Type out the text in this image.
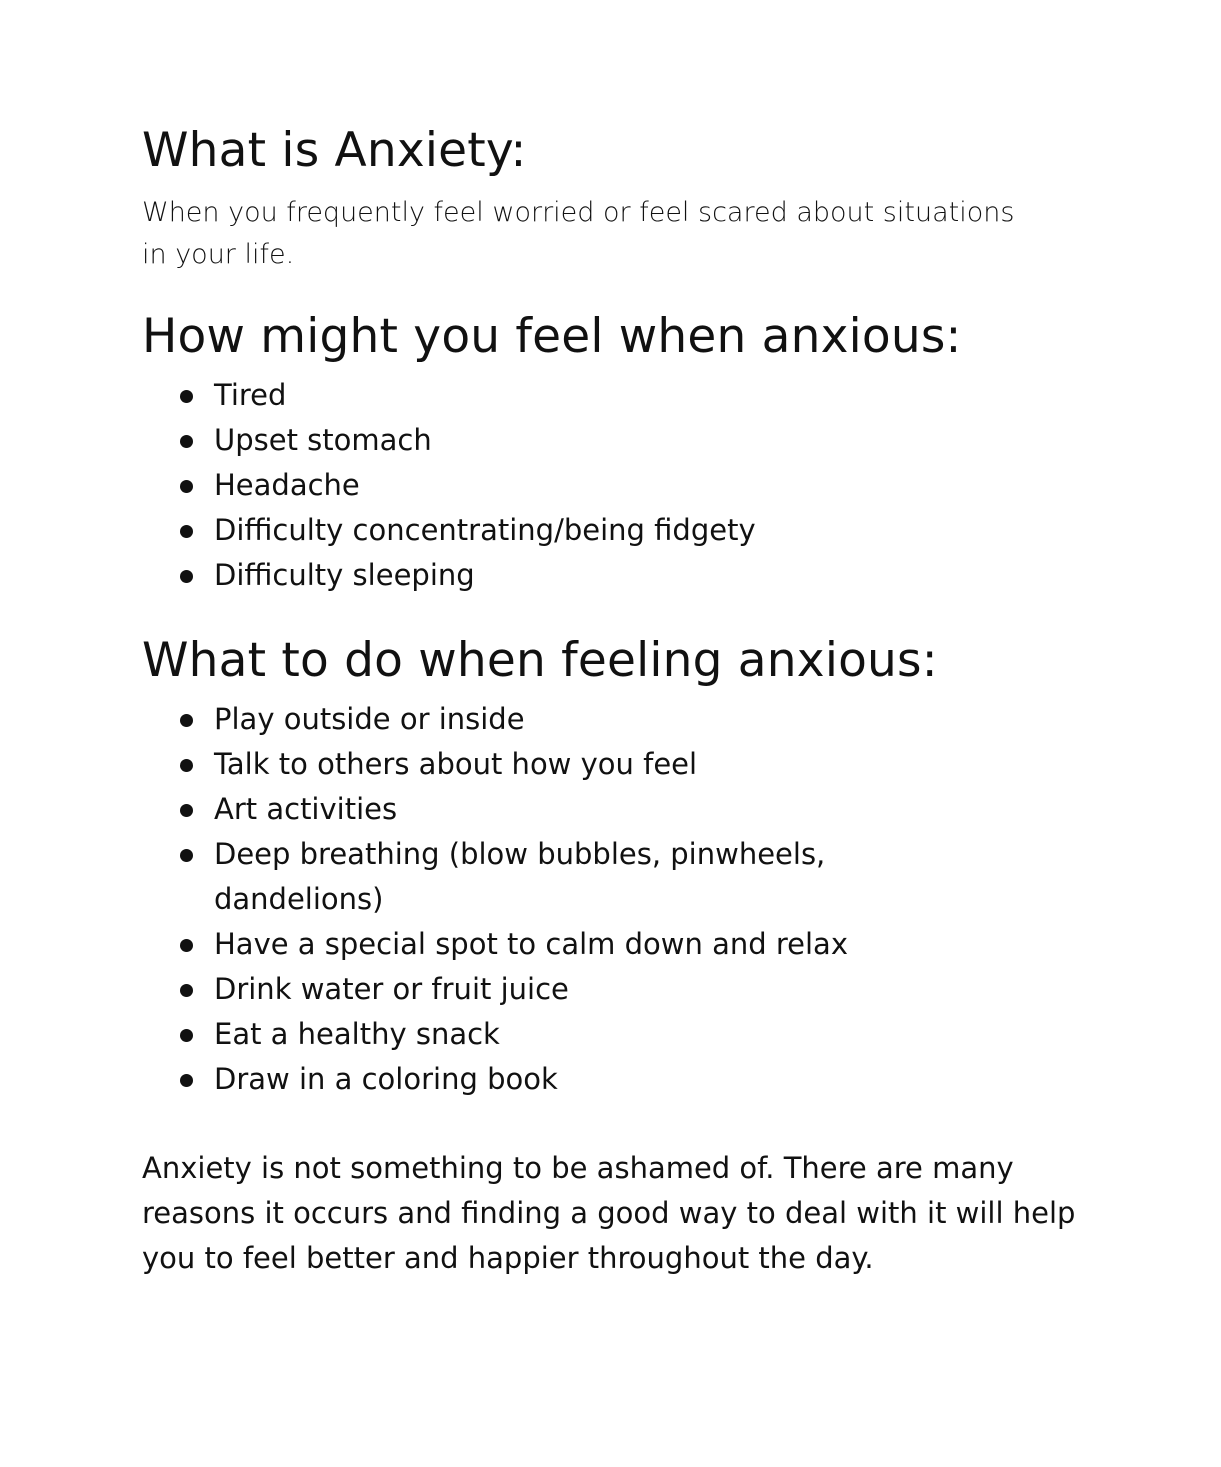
What is Anxiety:

When you frequently feel worried or feel scared about situations in your life.

How might you feel when anxious:
Tired
Upset stomach
Headache
Difficulty concentrating/being fidgety
Difficulty sleeping
What to do when feeling anxious:
Play outside or inside
Talk to others about how you feel
Art activities
Deep breathing (blow bubbles, pinwheels, dandelions)
Have a special spot to calm down and relax
Drink water or fruit juice
Eat a healthy snack
Draw in a coloring book

Anxiety is not something to be ashamed of. There are many reasons it occurs and finding a good way to deal with it will help you to feel better and happier throughout the day.
